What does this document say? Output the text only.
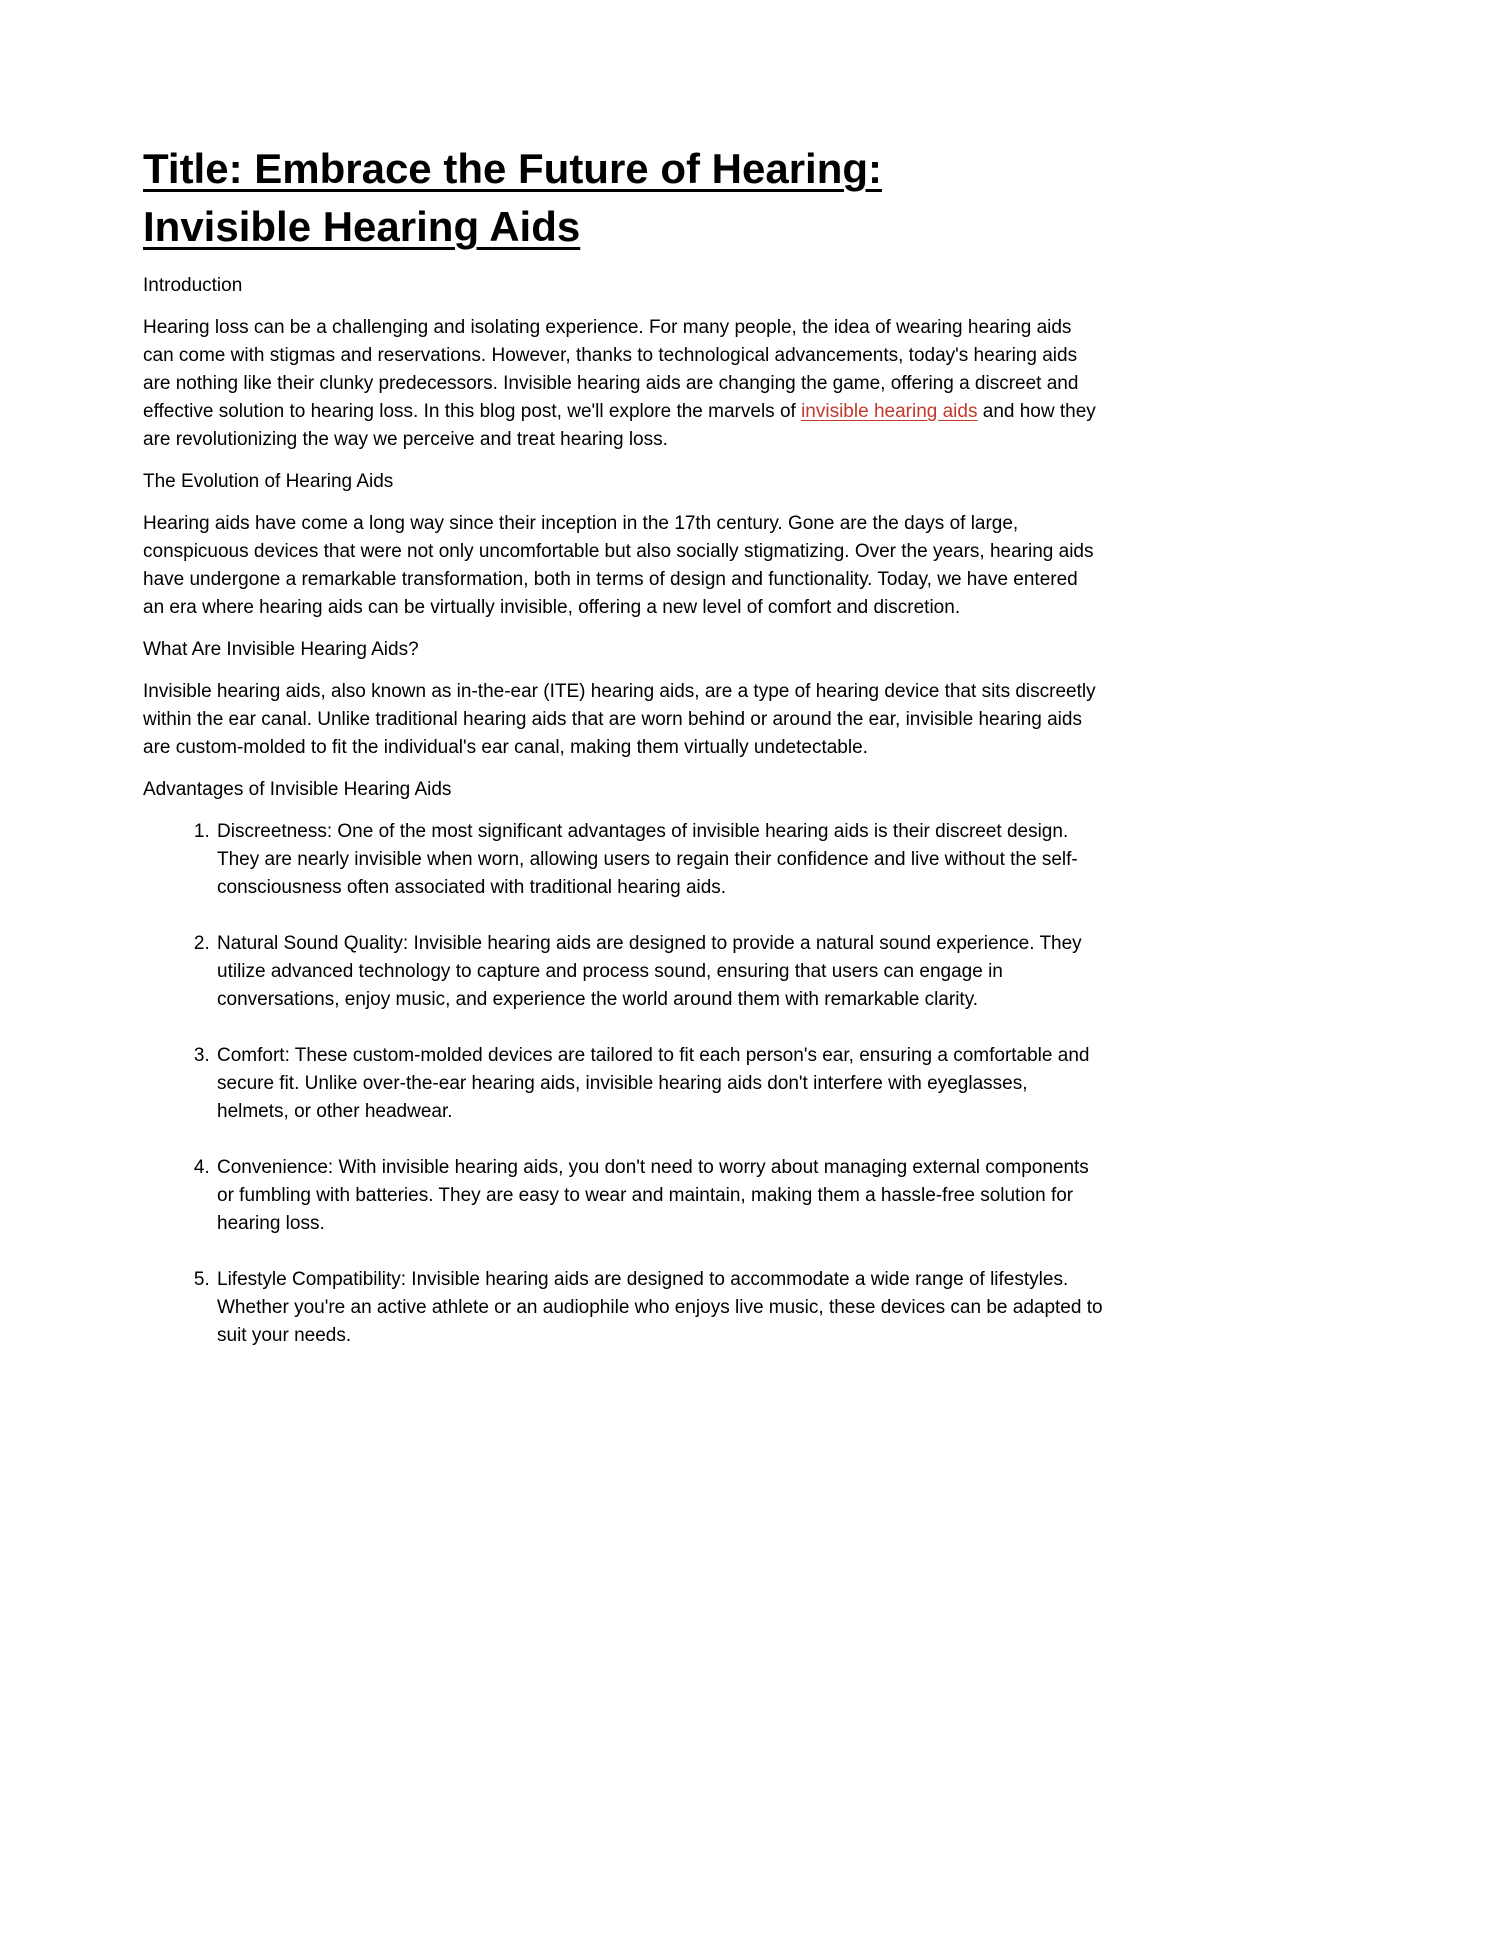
Title: Embrace the Future of Hearing:
Invisible Hearing Aids

Introduction

Hearing loss can be a challenging and isolating experience. For many people, the idea of wearing hearing aids can come with stigmas and reservations. However, thanks to technological advancements, today's hearing aids are nothing like their clunky predecessors. Invisible hearing aids are changing the game, offering a discreet and effective solution to hearing loss. In this blog post, we'll explore the marvels of invisible hearing aids and how they are revolutionizing the way we perceive and treat hearing loss.

The Evolution of Hearing Aids

Hearing aids have come a long way since their inception in the 17th century. Gone are the days of large, conspicuous devices that were not only uncomfortable but also socially stigmatizing. Over the years, hearing aids have undergone a remarkable transformation, both in terms of design and functionality. Today, we have entered an era where hearing aids can be virtually invisible, offering a new level of comfort and discretion.

What Are Invisible Hearing Aids?

Invisible hearing aids, also known as in-the-ear (ITE) hearing aids, are a type of hearing device that sits discreetly within the ear canal. Unlike traditional hearing aids that are worn behind or around the ear, invisible hearing aids are custom-molded to fit the individual's ear canal, making them virtually undetectable.

Advantages of Invisible Hearing Aids

1. Discreetness: One of the most significant advantages of invisible hearing aids is their discreet design. They are nearly invisible when worn, allowing users to regain their confidence and live without the self-consciousness often associated with traditional hearing aids.
2. Natural Sound Quality: Invisible hearing aids are designed to provide a natural sound experience. They utilize advanced technology to capture and process sound, ensuring that users can engage in conversations, enjoy music, and experience the world around them with remarkable clarity.
3. Comfort: These custom-molded devices are tailored to fit each person's ear, ensuring a comfortable and secure fit. Unlike over-the-ear hearing aids, invisible hearing aids don't interfere with eyeglasses, helmets, or other headwear.
4. Convenience: With invisible hearing aids, you don't need to worry about managing external components or fumbling with batteries. They are easy to wear and maintain, making them a hassle-free solution for hearing loss.
5. Lifestyle Compatibility: Invisible hearing aids are designed to accommodate a wide range of lifestyles. Whether you're an active athlete or an audiophile who enjoys live music, these devices can be adapted to suit your needs.
